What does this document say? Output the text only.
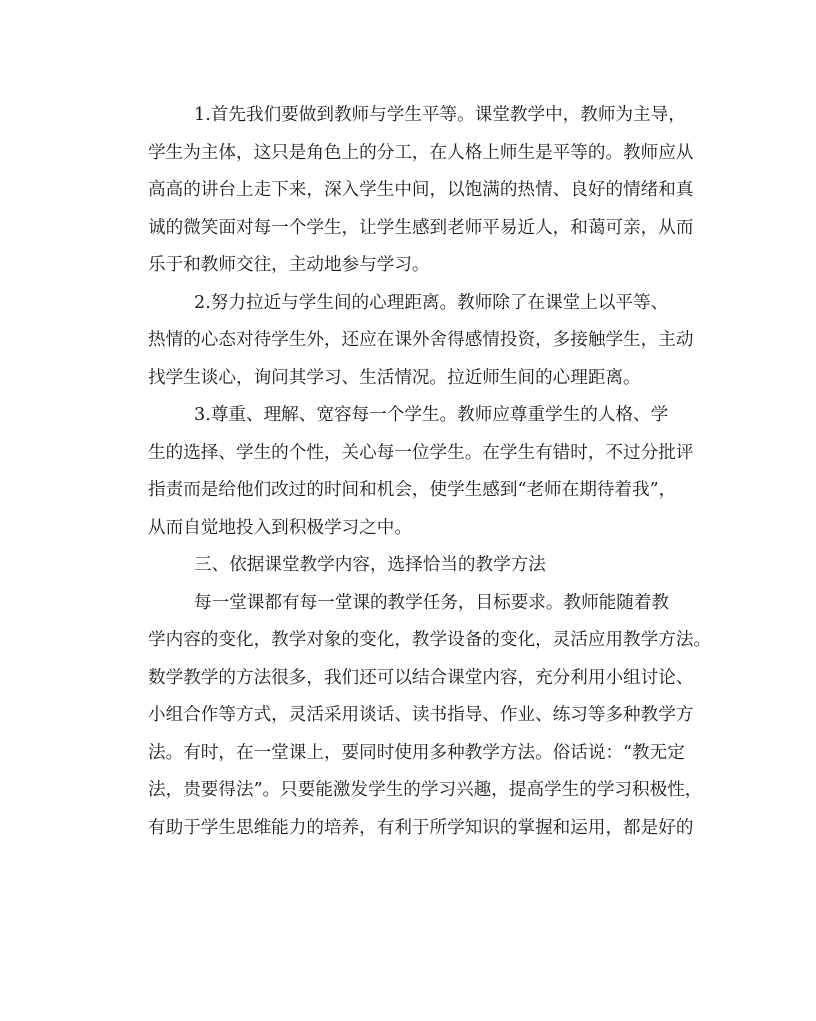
1.首先我们要做到教师与学生平等。课堂教学中，教师为主导，
学生为主体，这只是角色上的分工，在人格上师生是平等的。教师应从
高高的讲台上走下来，深入学生中间，以饱满的热情、良好的情绪和真
诚的微笑面对每一个学生，让学生感到老师平易近人，和蔼可亲，从而
乐于和教师交往，主动地参与学习。
2.努力拉近与学生间的心理距离。教师除了在课堂上以平等、
热情的心态对待学生外，还应在课外舍得感情投资，多接触学生，主动
找学生谈心，询问其学习、生活情况。拉近师生间的心理距离。
3.尊重、理解、宽容每一个学生。教师应尊重学生的人格、学
生的选择、学生的个性，关心每一位学生。在学生有错时，不过分批评
指责而是给他们改过的时间和机会，使学生感到“老师在期待着我”，
从而自觉地投入到积极学习之中。
三、依据课堂教学内容，选择恰当的教学方法
每一堂课都有每一堂课的教学任务，目标要求。教师能随着教
学内容的变化，教学对象的变化，教学设备的变化，灵活应用教学方法。
数学教学的方法很多，我们还可以结合课堂内容，充分利用小组讨论、
小组合作等方式，灵活采用谈话、读书指导、作业、练习等多种教学方
法。有时，在一堂课上，要同时使用多种教学方法。俗话说：“教无定
法，贵要得法”。只要能激发学生的学习兴趣，提高学生的学习积极性，
有助于学生思维能力的培养，有利于所学知识的掌握和运用，都是好的
